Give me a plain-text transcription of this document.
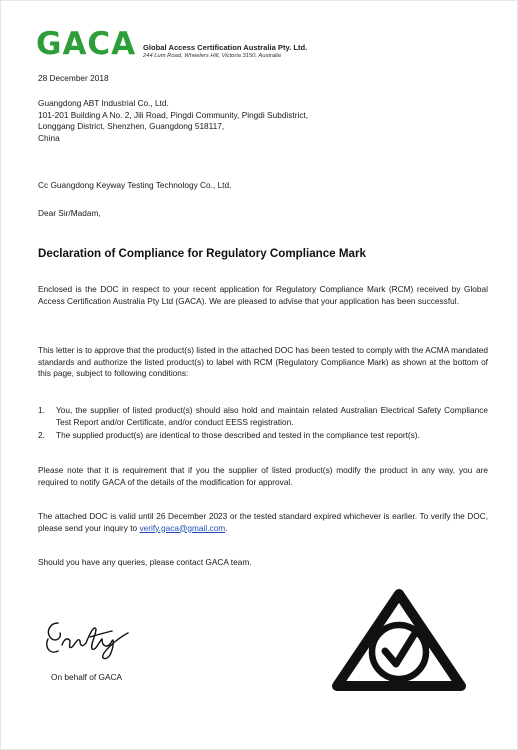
GACA Global Access Certification Australia Pty. Ltd.
244 Lum Road, Wheelers Hill, Victoria 3150, Australia
28 December 2018
Guangdong ABT Industrial Co., Ltd.
101-201 Building A No. 2, Jili Road, Pingdi Community, Pingdi Subdistrict,
Longgang District, Shenzhen, Guangdong 518117,
China
Cc Guangdong Keyway Testing Technology Co., Ltd.
Dear Sir/Madam,
Declaration of Compliance for Regulatory Compliance Mark
Enclosed is the DOC in respect to your recent application for Regulatory Compliance Mark (RCM) received by Global Access Certification Australia Pty Ltd (GACA). We are pleased to advise that your application has been successful.
This letter is to approve that the product(s) listed in the attached DOC has been tested to comply with the ACMA mandated standards and authorize the listed product(s) to label with RCM (Regulatory Compliance Mark) as shown at the bottom of this page, subject to following conditions:
1.	You, the supplier of listed product(s) should also hold and maintain related Australian Electrical Safety Compliance Test Report and/or Certificate, and/or conduct EESS registration.
2.	The supplied product(s) are identical to those described and tested in the compliance test report(s).
Please note that it is requirement that if you the supplier of listed product(s) modify the product in any way, you are required to notify GACA of the details of the modification for approval.
The attached DOC is valid until 26 December 2023 or the tested standard expired whichever is earlier. To verify the DOC, please send your inquiry to verify.gaca@gmail.com.
Should you have any queries, please contact GACA team.
On behalf of GACA
